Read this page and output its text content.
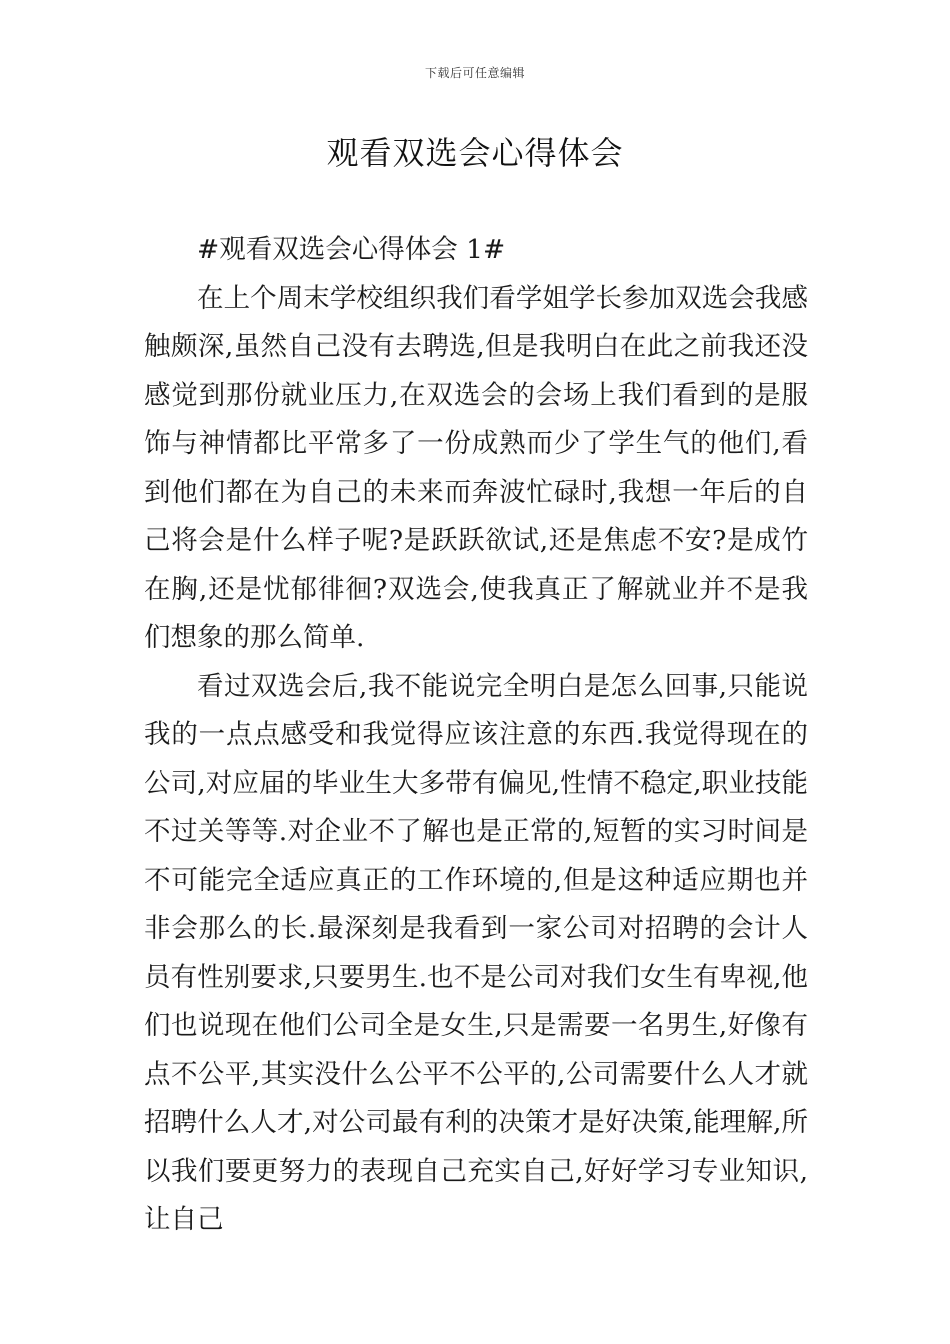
下载后可任意编辑
观看双选会心得体会

#观看双选会心得体会 1#

在上个周末学校组织我们看学姐学长参加双选会我感触颇深,虽然自己没有去聘选,但是我明白在此之前我还没感觉到那份就业压力,在双选会的会场上我们看到的是服饰与神情都比平常多了一份成熟而少了学生气的他们,看到他们都在为自己的未来而奔波忙碌时,我想一年后的自己将会是什么样子呢?是跃跃欲试,还是焦虑不安?是成竹在胸,还是忧郁徘徊?双选会,使我真正了解就业并不是我们想象的那么简单.

看过双选会后,我不能说完全明白是怎么回事,只能说我的一点点感受和我觉得应该注意的东西.我觉得现在的公司,对应届的毕业生大多带有偏见,性情不稳定,职业技能不过关等等.对企业不了解也是正常的,短暂的实习时间是不可能完全适应真正的工作环境的,但是这种适应期也并非会那么的长.最深刻是我看到一家公司对招聘的会计人员有性别要求,只要男生.也不是公司对我们女生有卑视,他们也说现在他们公司全是女生,只是需要一名男生,好像有点不公平,其实没什么公平不公平的,公司需要什么人才就招聘什么人才,对公司最有利的决策才是好决策,能理解,所以我们要更努力的表现自己充实自己,好好学习专业知识,让自己
